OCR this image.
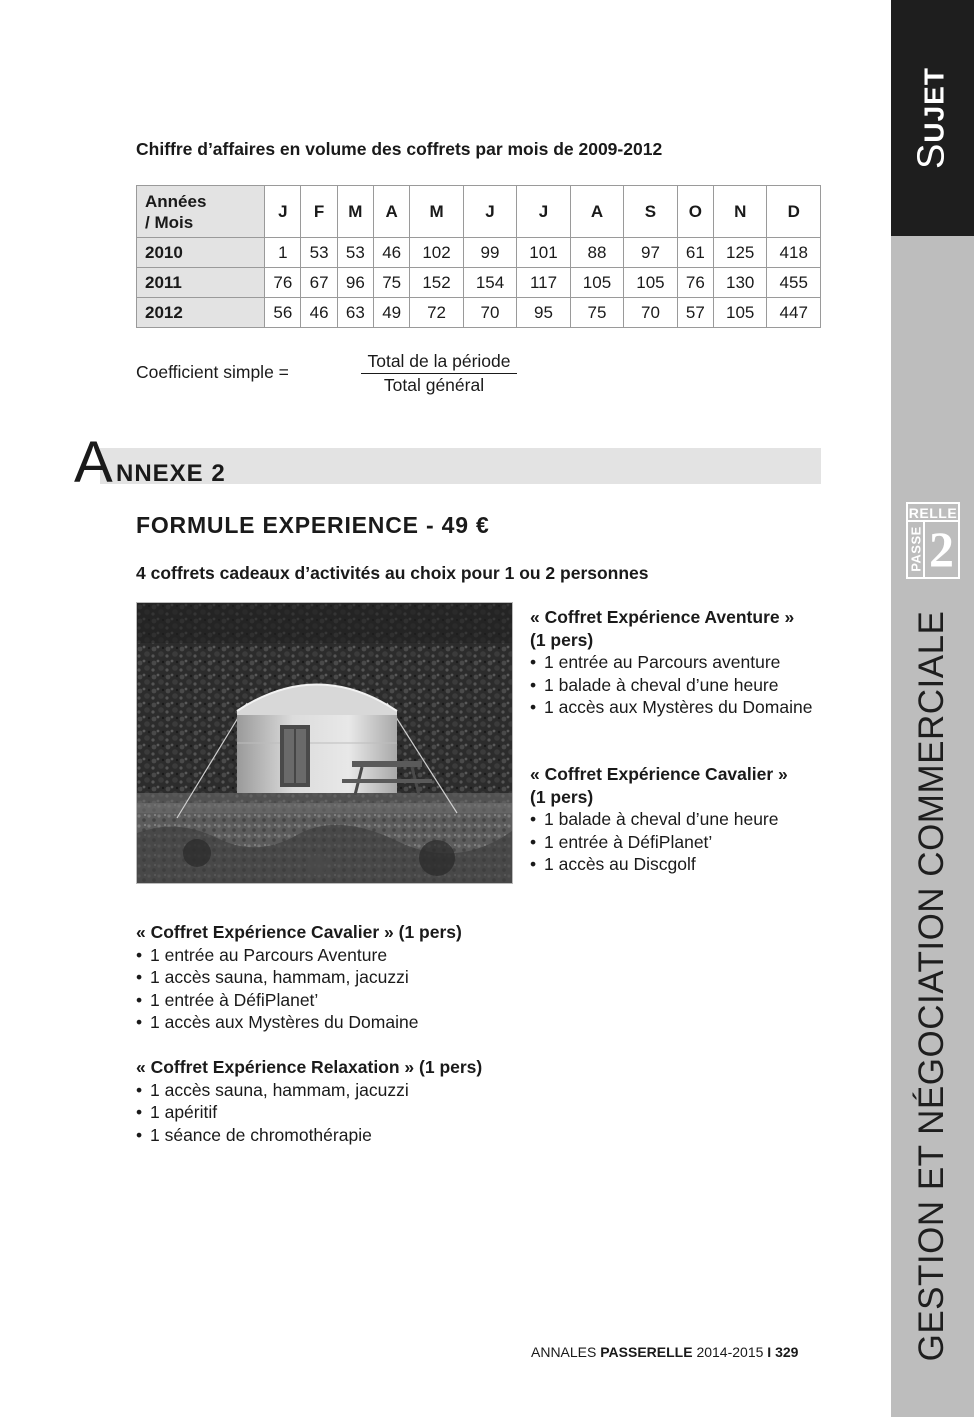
SUJET
GESTION ET NÉGOCIATION COMMERCIALE
RELLE
PASSE 2
Chiffre d’affaires en volume des coffrets par mois de 2009-2012
Années
/ Mois	J	F	M	A	M	J	J	A	S	O	N	D
2010	1	53	53	46	102	99	101	88	97	61	125	418
2011	76	67	96	75	152	154	117	105	105	76	130	455
2012	56	46	63	49	72	70	95	75	70	57	105	447
Coefficient simple =
Total de la période
Total général
A NNEXE 2
FORMULE EXPERIENCE - 49 €
4 coffrets cadeaux d’activités au choix pour 1 ou 2 personnes
« Coffret Expérience Aventure »
(1 pers)
• 1 entrée au Parcours aventure
• 1 balade à cheval d’une heure
• 1 accès aux Mystères du Domaine
« Coffret Expérience Cavalier »
(1 pers)
• 1 balade à cheval d’une heure
• 1 entrée à DéfiPlanet’
• 1 accès au Discgolf
« Coffret Expérience Cavalier » (1 pers)
• 1 entrée au Parcours Aventure
• 1 accès sauna, hammam, jacuzzi
• 1 entrée à DéfiPlanet’
• 1 accès aux Mystères du Domaine
« Coffret Expérience Relaxation » (1 pers)
• 1 accès sauna, hammam, jacuzzi
• 1 apéritif
• 1 séance de chromothérapie
ANNALES PASSERELLE 2014-2015 I 329
